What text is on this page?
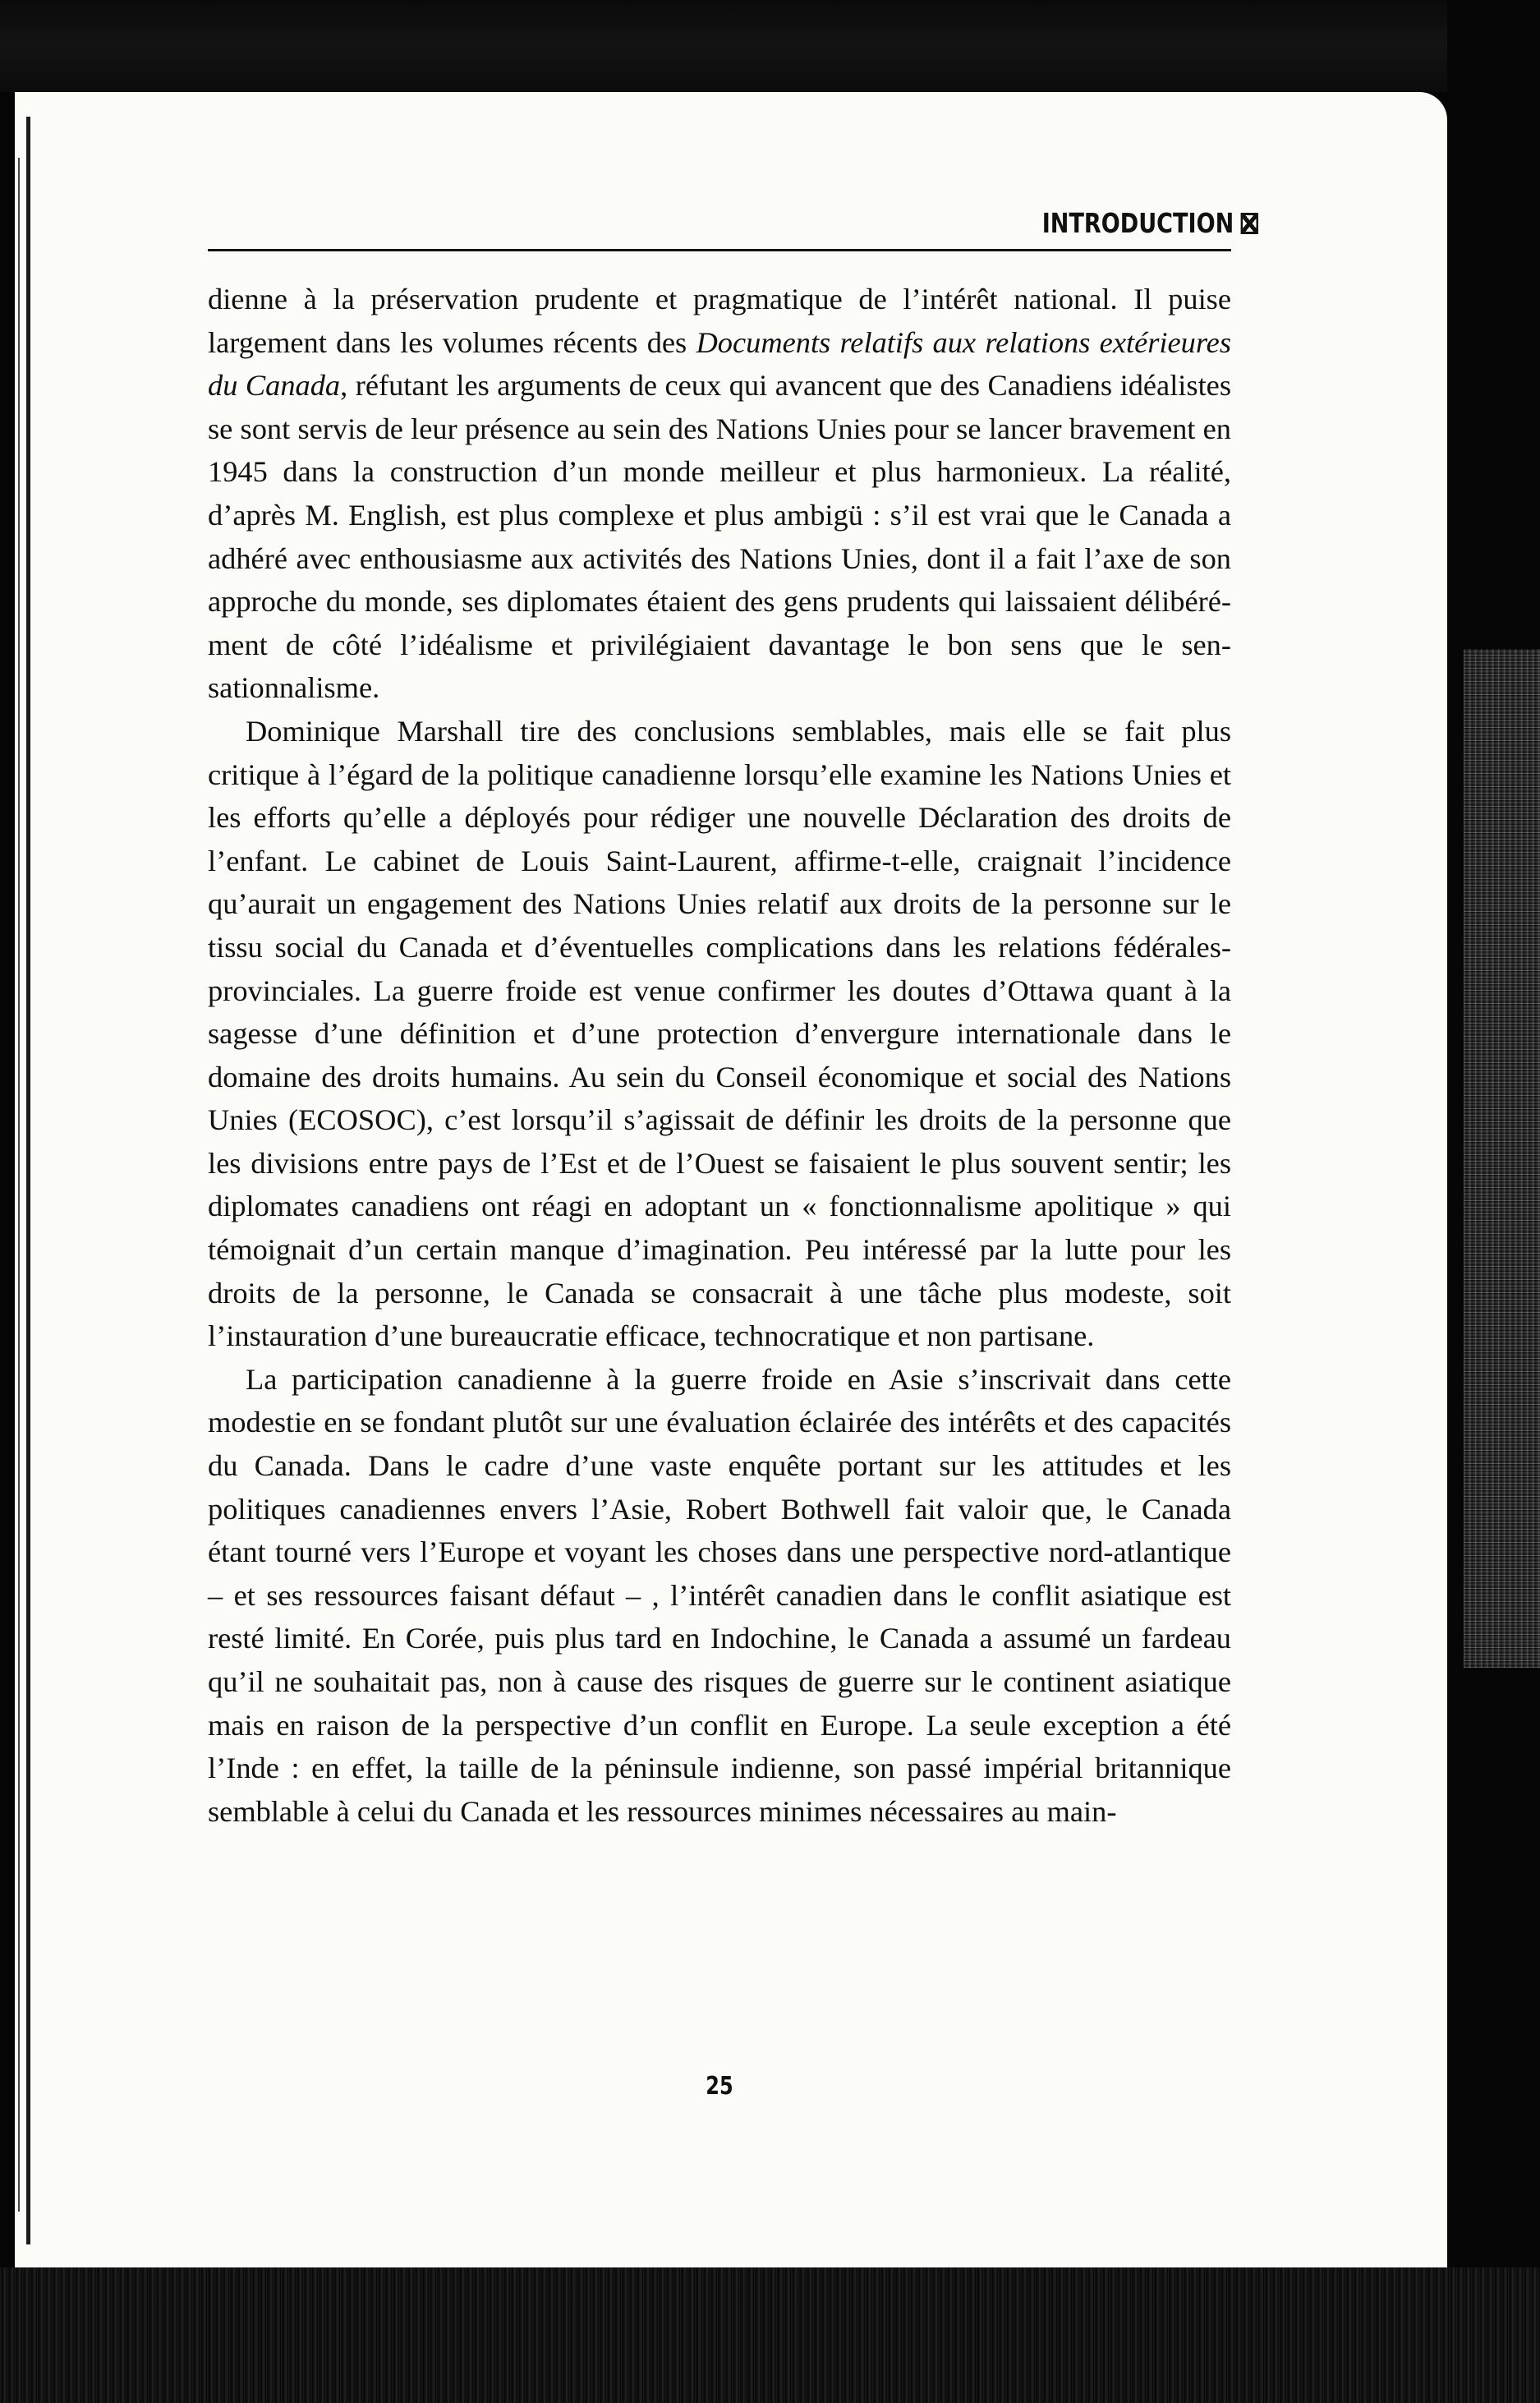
INTRODUCTION

dienne à la préservation prudente et pragmatique de l’intérêt national. Il puise largement dans les volumes récents des Documents relatifs aux relations extérieures du Canada, réfutant les arguments de ceux qui avancent que des Canadiens idéalistes se sont servis de leur présence au sein des Nations Unies pour se lancer bravement en 1945 dans la construction d’un monde meilleur et plus harmonieux. La réalité, d’après M. English, est plus complexe et plus ambigü : s’il est vrai que le Canada a adhéré avec enthousiasme aux activités des Nations Unies, dont il a fait l’axe de son approche du monde, ses diplomates étaient des gens prudents qui laissaient délibérément de côté l’idéalisme et privilégiaient davantage le bon sens que le sensationnalisme.

Dominique Marshall tire des conclusions semblables, mais elle se fait plus critique à l’égard de la politique canadienne lorsqu’elle examine les Nations Unies et les efforts qu’elle a déployés pour rédiger une nouvelle Déclaration des droits de l’enfant. Le cabinet de Louis Saint-Laurent, affirme-t-elle, craignait l’incidence qu’aurait un engagement des Nations Unies relatif aux droits de la personne sur le tissu social du Canada et d’éventuelles complications dans les relations fédérales-provinciales. La guerre froide est venue confirmer les doutes d’Ottawa quant à la sagesse d’une définition et d’une protection d’envergure internationale dans le domaine des droits humains. Au sein du Conseil économique et social des Nations Unies (ECOSOC), c’est lorsqu’il s’agissait de définir les droits de la personne que les divisions entre pays de l’Est et de l’Ouest se faisaient le plus souvent sentir; les diplomates canadiens ont réagi en adoptant un « fonctionnalisme apolitique » qui témoignait d’un certain manque d’imagination. Peu intéressé par la lutte pour les droits de la personne, le Canada se consacrait à une tâche plus modeste, soit l’instauration d’une bureaucratie efficace, technocratique et non partisane.

La participation canadienne à la guerre froide en Asie s’inscrivait dans cette modestie en se fondant plutôt sur une évaluation éclairée des intérêts et des capacités du Canada. Dans le cadre d’une vaste enquête portant sur les attitudes et les politiques canadiennes envers l’Asie, Robert Bothwell fait valoir que, le Canada étant tourné vers l’Europe et voyant les choses dans une perspective nord-atlantique – et ses ressources faisant défaut – , l’intérêt canadien dans le conflit asiatique est resté limité. En Corée, puis plus tard en Indochine, le Canada a assumé un fardeau qu’il ne souhaitait pas, non à cause des risques de guerre sur le continent asiatique mais en raison de la perspective d’un conflit en Europe. La seule exception a été l’Inde : en effet, la taille de la péninsule indienne, son passé impérial britannique semblable à celui du Canada et les ressources minimes nécessaires au main-

25
